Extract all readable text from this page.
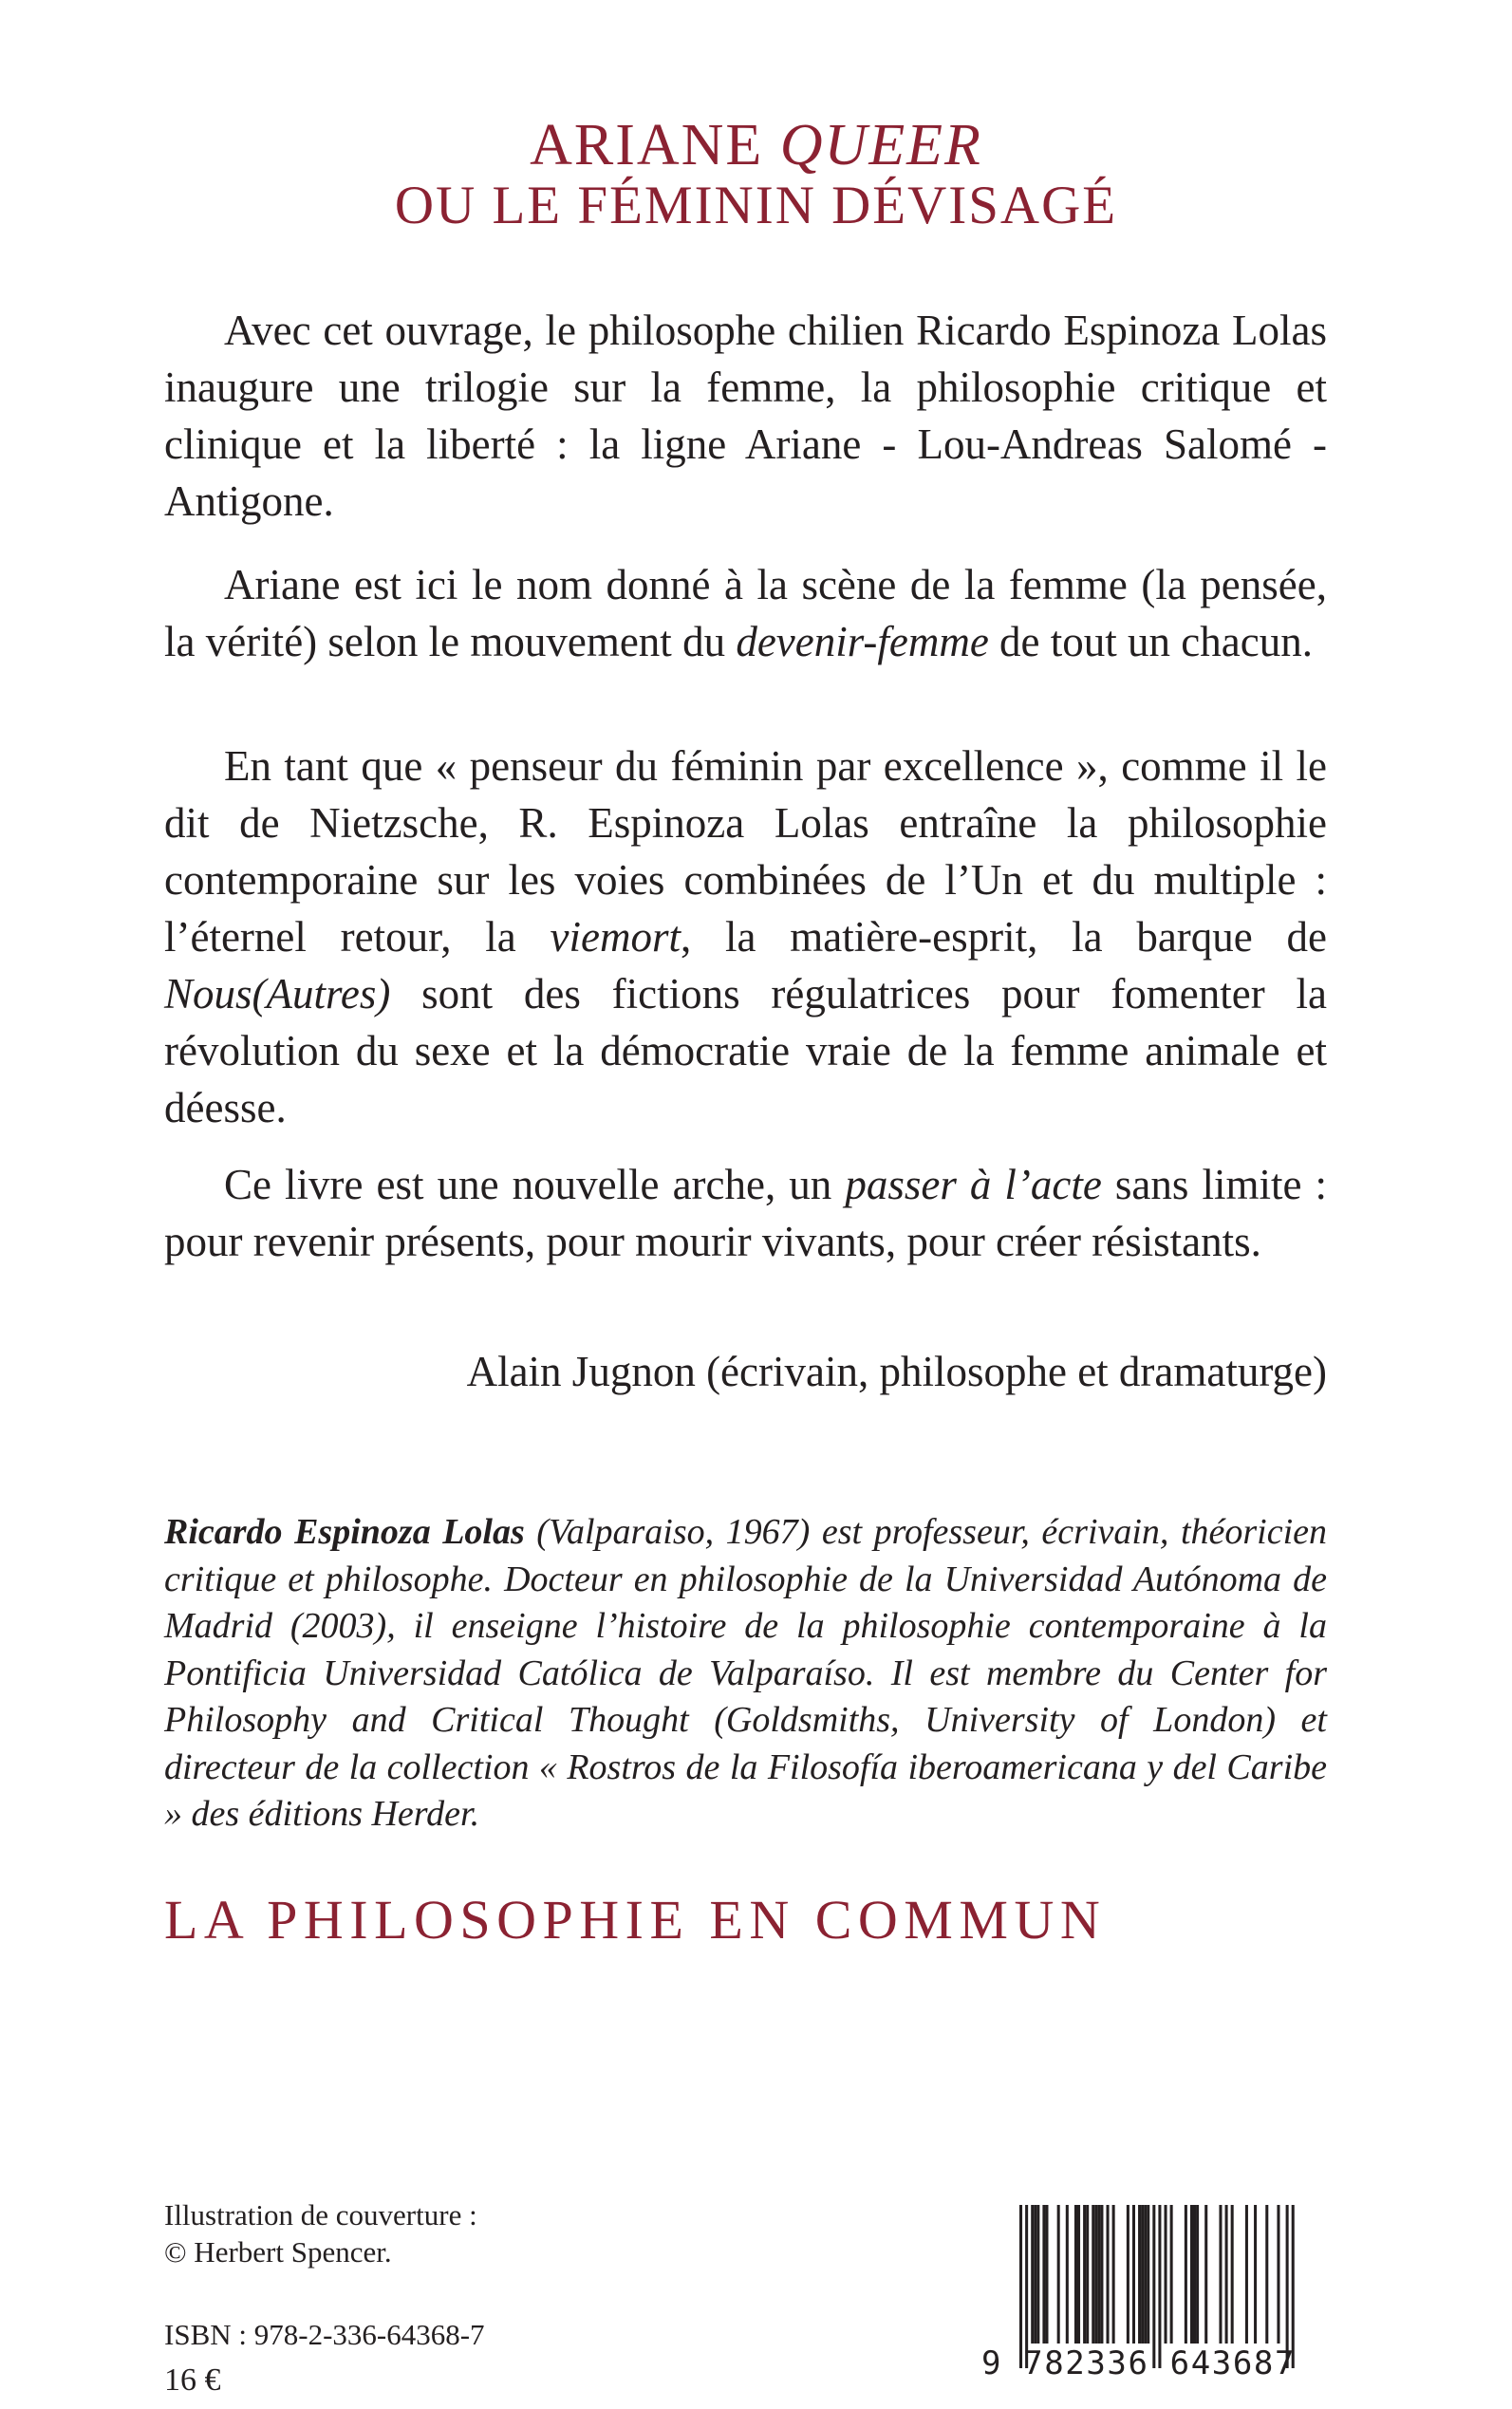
ARIANE QUEER
OU LE FÉMININ DÉVISAGÉ

Avec cet ouvrage, le philosophe chilien Ricardo Espinoza Lolas inaugure une trilogie sur la femme, la philosophie critique et clinique et la liberté : la ligne Ariane - Lou-Andreas Salomé - Antigone.

Ariane est ici le nom donné à la scène de la femme (la pensée, la vérité) selon le mouvement du devenir-femme de tout un chacun.

En tant que « penseur du féminin par excellence », comme il le dit de Nietzsche, R. Espinoza Lolas entraîne la philosophie contemporaine sur les voies combinées de l’Un et du multiple : l’éternel retour, la viemort, la matière-esprit, la barque de Nous(Autres) sont des fictions régulatrices pour fomenter la révolution du sexe et la démocratie vraie de la femme animale et déesse.

Ce livre est une nouvelle arche, un passer à l’acte sans limite : pour revenir présents, pour mourir vivants, pour créer résistants.

Alain Jugnon (écrivain, philosophe et dramaturge)

Ricardo Espinoza Lolas (Valparaiso, 1967) est professeur, écrivain, théoricien critique et philosophe. Docteur en philosophie de la Universidad Autónoma de Madrid (2003), il enseigne l’histoire de la philosophie contemporaine à la Pontificia Universidad Católica de Valparaíso. Il est membre du Center for Philosophy and Critical Thought (Goldsmiths, University of London) et directeur de la collection « Rostros de la Filosofía iberoamericana y del Caribe » des éditions Herder.

LA PHILOSOPHIE EN COMMUN
Illustration de couverture :
© Herbert Spencer.
ISBN : 978-2-336-64368-7
16 €	9 782336 643687
